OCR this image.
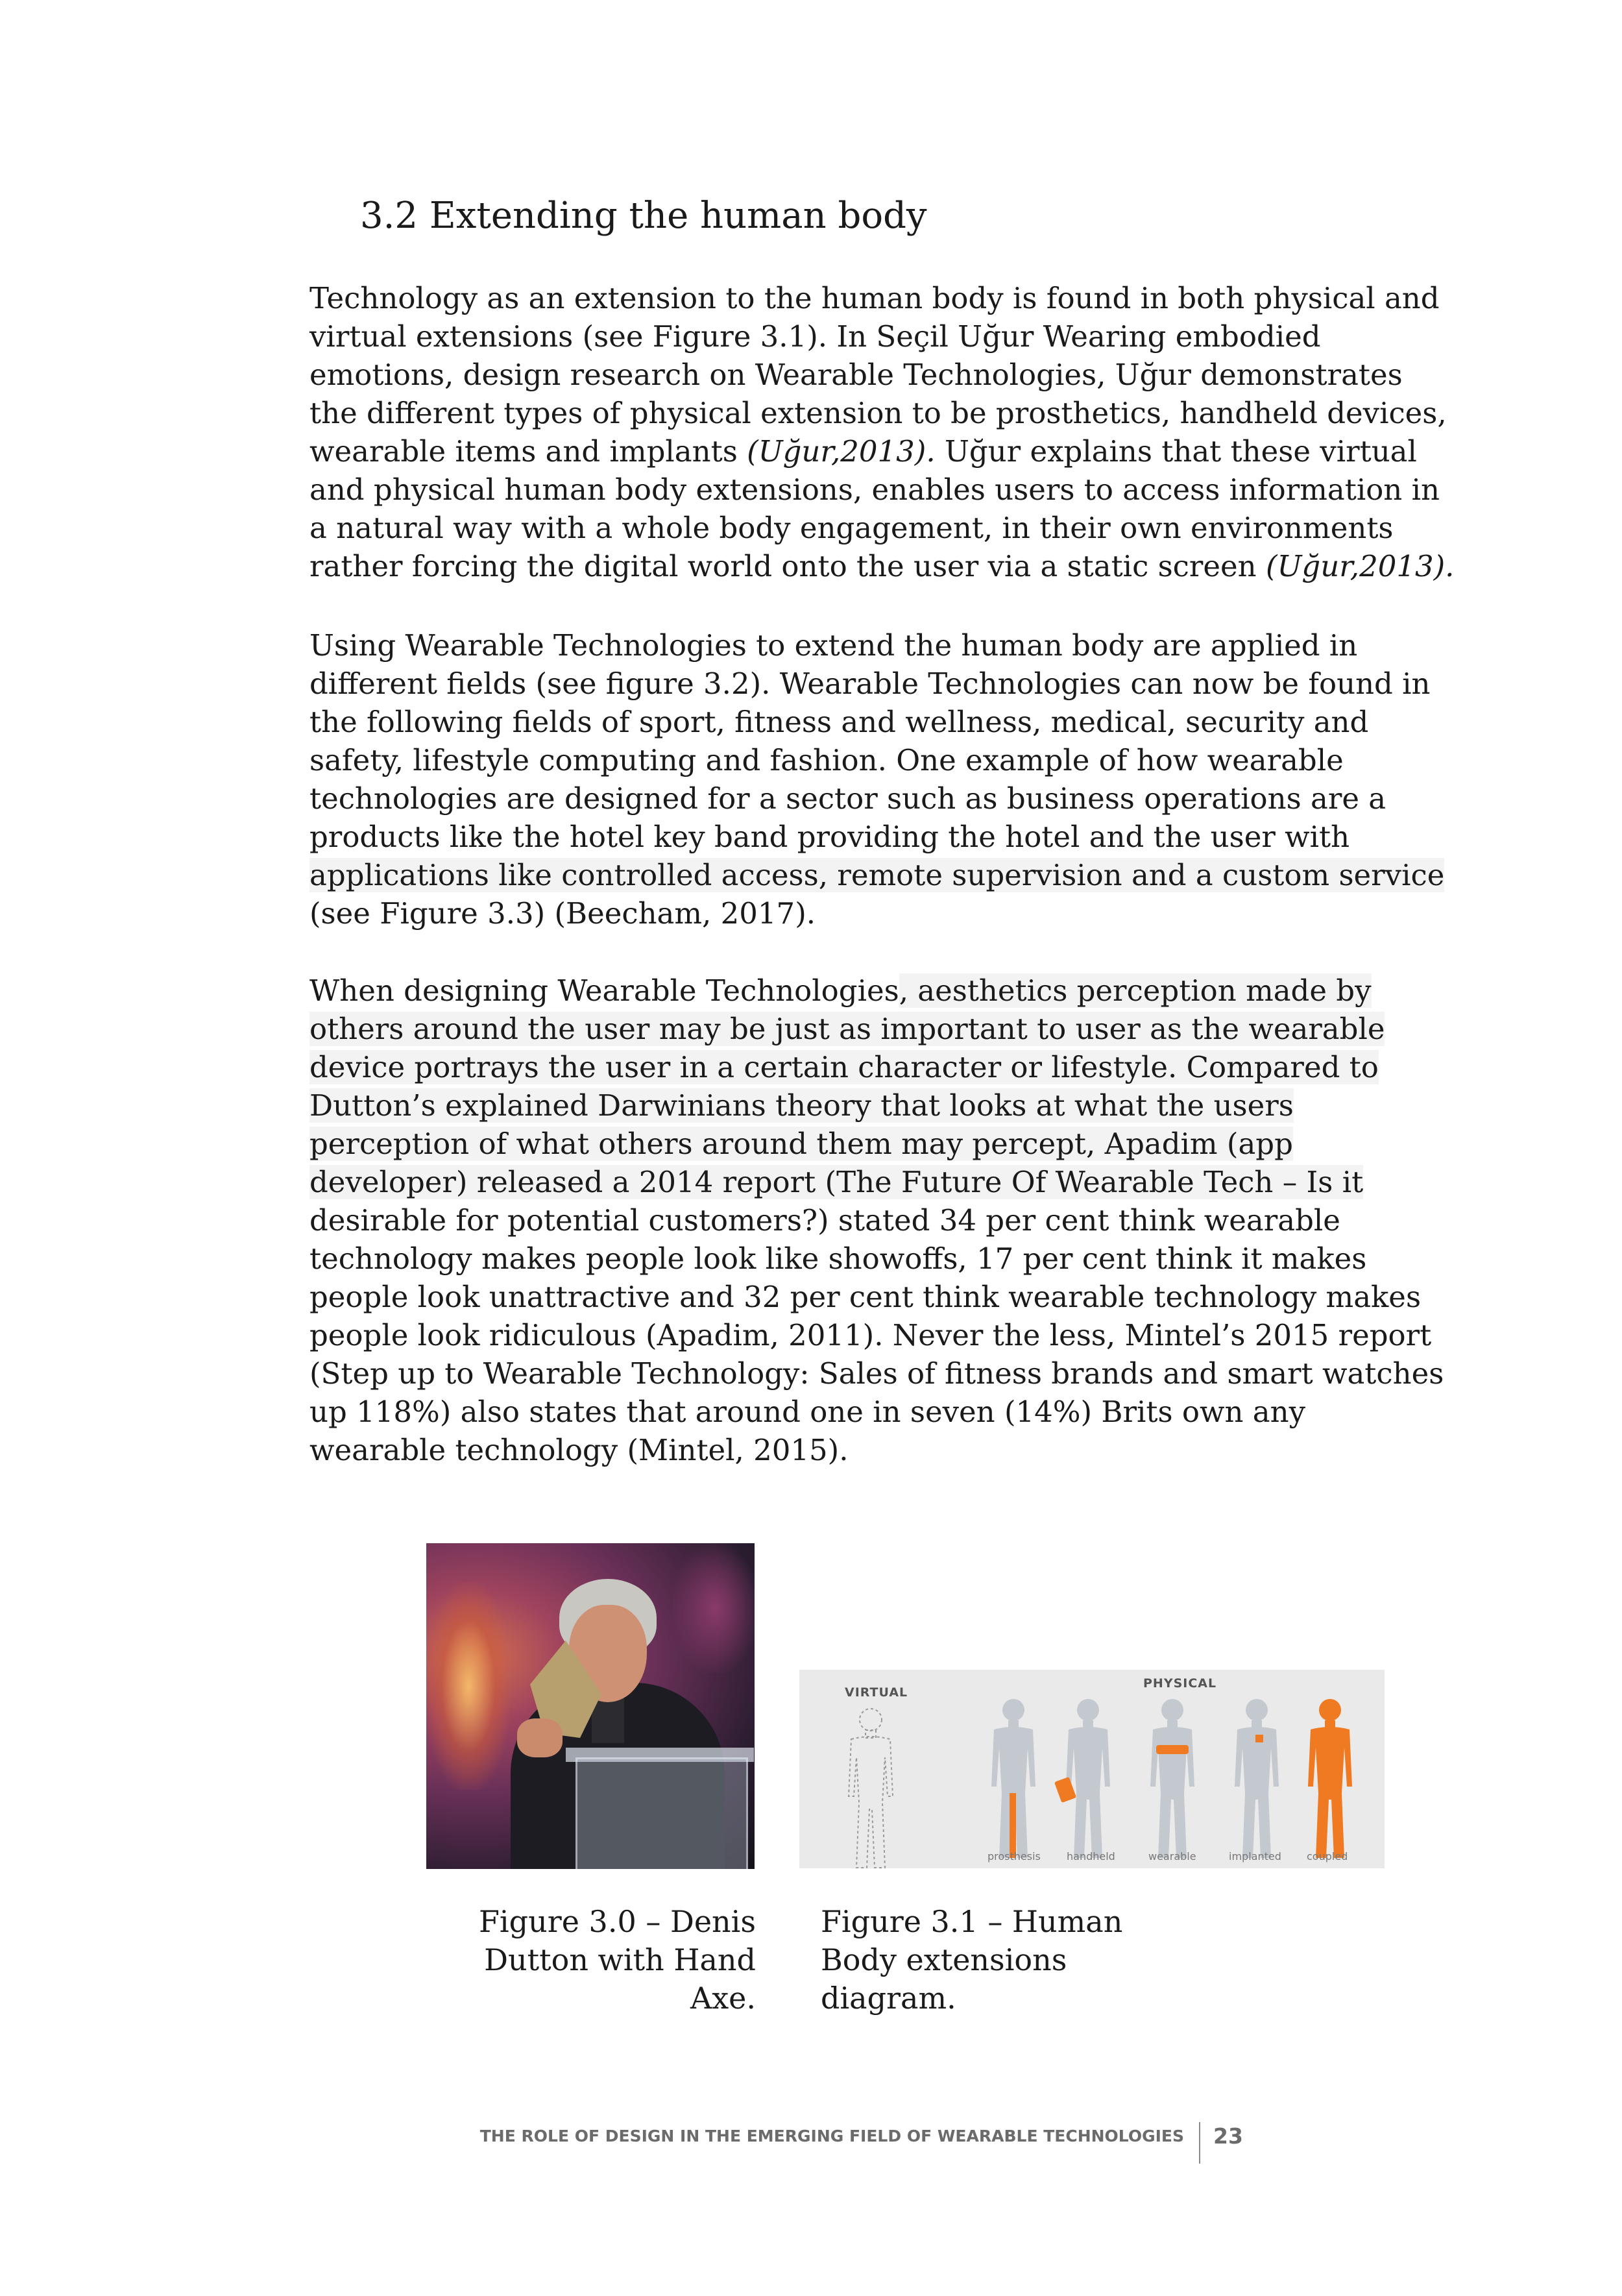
3.2 Extending the human body

Technology as an extension to the human body is found in both physical and
virtual extensions (see Figure 3.1). In Seçil Uğur Wearing embodied
emotions, design research on Wearable Technologies, Uğur demonstrates
the different types of physical extension to be prosthetics, handheld devices,
wearable items and implants (Uğur,2013). Uğur explains that these virtual
and physical human body extensions, enables users to access information in
a natural way with a whole body engagement, in their own environments
rather forcing the digital world onto the user via a static screen (Uğur,2013).

Using Wearable Technologies to extend the human body are applied in
different fields (see figure 3.2). Wearable Technologies can now be found in
the following fields of sport, fitness and wellness, medical, security and
safety, lifestyle computing and fashion. One example of how wearable
technologies are designed for a sector such as business operations are a
products like the hotel key band providing the hotel and the user with
applications like controlled access, remote supervision and a custom service
(see Figure 3.3) (Beecham, 2017).

When designing Wearable Technologies, aesthetics perception made by
others around the user may be just as important to user as the wearable
device portrays the user in a certain character or lifestyle. Compared to
Dutton’s explained Darwinians theory that looks at what the users
perception of what others around them may percept, Apadim (app
developer) released a 2014 report (The Future Of Wearable Tech – Is it
desirable for potential customers?) stated 34 per cent think wearable
technology makes people look like showoffs, 17 per cent think it makes
people look unattractive and 32 per cent think wearable technology makes
people look ridiculous (Apadim, 2011). Never the less, Mintel’s 2015 report
(Step up to Wearable Technology: Sales of fitness brands and smart watches
up 118%) also states that around one in seven (14%) Brits own any
wearable technology (Mintel, 2015).

VIRTUAL
PHYSICAL
prosthesis	handheld	wearable	implanted coupled

Figure 3.0 – Denis
Dutton with Hand
Axe.

Figure 3.1 – Human
Body extensions
diagram.

THE ROLE OF DESIGN IN THE EMERGING FIELD OF WEARABLE TECHNOLOGIES 23
